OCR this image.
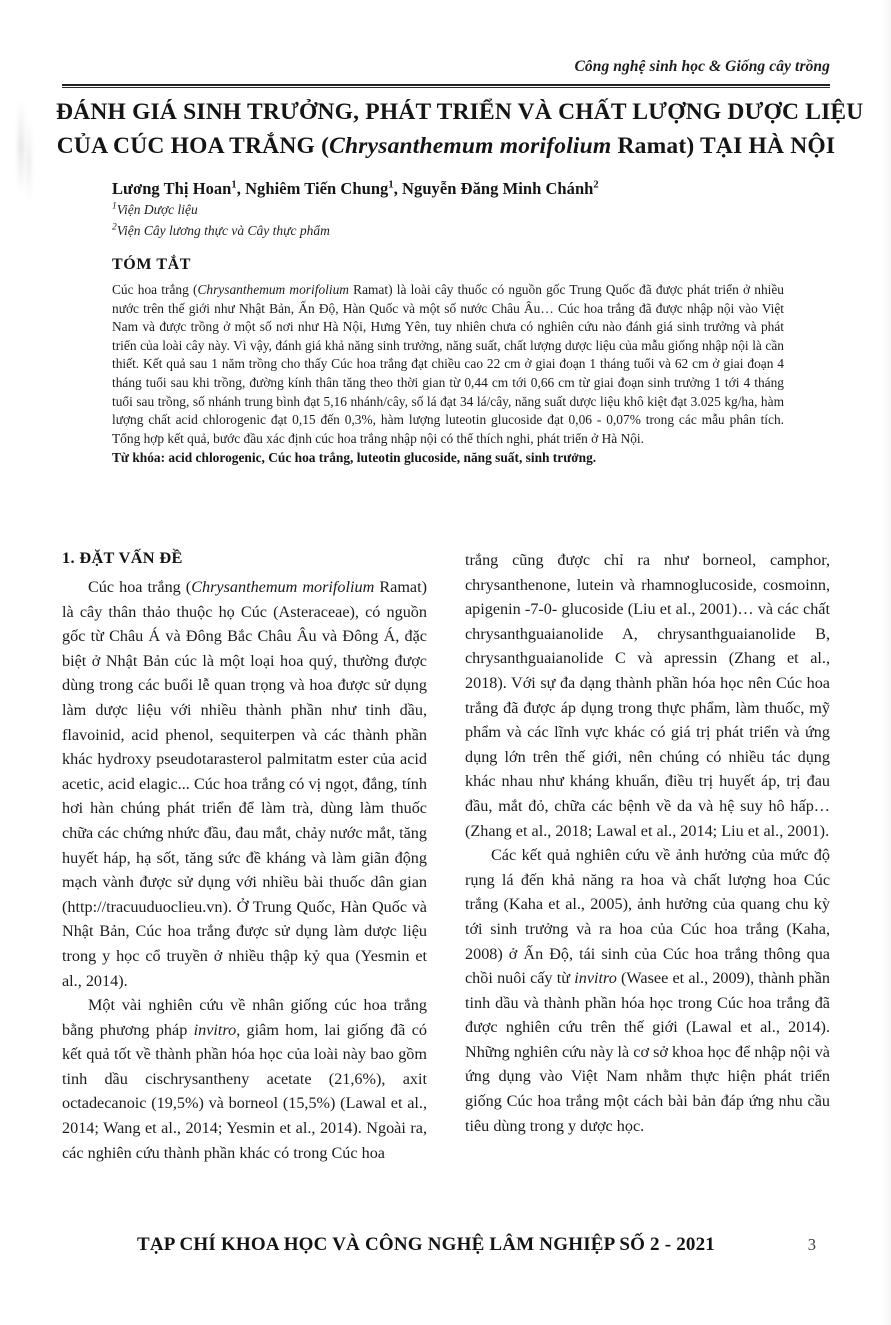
Công nghệ sinh học & Giống cây trồng
ĐÁNH GIÁ SINH TRƯỞNG, PHÁT TRIỂN VÀ CHẤT LƯỢNG DƯỢC LIỆU
CỦA CÚC HOA TRẮNG (Chrysanthemum morifolium Ramat) TẠI HÀ NỘI
Lương Thị Hoan$^1$, Nghiêm Tiến Chung$^1$, Nguyễn Đăng Minh Chánh$^2$
$^1$Viện Dược liệu
$^2$Viện Cây lương thực và Cây thực phẩm
TÓM TẮT
Cúc hoa trắng (Chrysanthemum morifolium Ramat) là loài cây thuốc có nguồn gốc Trung Quốc đã được phát triển ở nhiều nước trên thế giới như Nhật Bản, Ấn Độ, Hàn Quốc và một số nước Châu Âu… Cúc hoa trắng đã được nhập nội vào Việt Nam và được trồng ở một số nơi như Hà Nội, Hưng Yên, tuy nhiên chưa có nghiên cứu nào đánh giá sinh trưởng và phát triển của loài cây này. Vì vậy, đánh giá khả năng sinh trưởng, năng suất, chất lượng dược liệu của mẫu giống nhập nội là cần thiết. Kết quả sau 1 năm trồng cho thấy Cúc hoa trắng đạt chiều cao 22 cm ở giai đoạn 1 tháng tuổi và 62 cm ở giai đoạn 4 tháng tuổi sau khi trồng, đường kính thân tăng theo thời gian từ 0,44 cm tới 0,66 cm từ giai đoạn sinh trưởng 1 tới 4 tháng tuổi sau trồng, số nhánh trung bình đạt 5,16 nhánh/cây, số lá đạt 34 lá/cây, năng suất dược liệu khô kiệt đạt 3.025 kg/ha, hàm lượng chất acid chlorogenic đạt 0,15 đến 0,3%, hàm lượng luteotin glucoside đạt 0,06 - 0,07% trong các mẫu phân tích. Tổng hợp kết quả, bước đầu xác định cúc hoa trắng nhập nội có thể thích nghi, phát triển ở Hà Nội.
Từ khóa: acid chlorogenic, Cúc hoa trắng, luteotin glucoside, năng suất, sinh trưởng.
1. ĐẶT VẤN ĐỀ

Cúc hoa trắng (Chrysanthemum morifolium Ramat) là cây thân thảo thuộc họ Cúc (Asteraceae), có nguồn gốc từ Châu Á và Đông Bắc Châu Âu và Đông Á, đặc biệt ở Nhật Bản cúc là một loại hoa quý, thường được dùng trong các buổi lễ quan trọng và hoa được sử dụng làm dược liệu với nhiều thành phần như tinh dầu, flavoinid, acid phenol, sequiterpen và các thành phần khác hydroxy pseudotarasterol palmitatm ester của acid acetic, acid elagic... Cúc hoa trắng có vị ngọt, đắng, tính hơi hàn chúng phát triển để làm trà, dùng làm thuốc chữa các chứng nhức đầu, đau mắt, chảy nước mắt, tăng huyết háp, hạ sốt, tăng sức đề kháng và làm giãn động mạch vành được sử dụng với nhiều bài thuốc dân gian (http://tracuuduoclieu.vn). Ở Trung Quốc, Hàn Quốc và Nhật Bản, Cúc hoa trắng được sử dụng làm dược liệu trong y học cổ truyền ở nhiều thập kỷ qua (Yesmin et al., 2014).

Một vài nghiên cứu về nhân giống cúc hoa trắng bằng phương pháp invitro, giâm hom, lai giống đã có kết quả tốt về thành phần hóa học của loài này bao gồm tinh dầu cischrysantheny acetate (21,6%), axit octadecanoic (19,5%) và borneol (15,5%) (Lawal et al., 2014; Wang et al., 2014; Yesmin et al., 2014). Ngoài ra, các nghiên cứu thành phần khác có trong Cúc hoa

trắng cũng được chỉ ra như borneol, camphor, chrysanthenone, lutein và rhamnoglucoside, cosmoinn, apigenin -7-0- glucoside (Liu et al., 2001)… và các chất chrysanthguaianolide A, chrysanthguaianolide B, chrysanthguaianolide C và apressin (Zhang et al., 2018). Với sự đa dạng thành phần hóa học nên Cúc hoa trắng đã được áp dụng trong thực phẩm, làm thuốc, mỹ phẩm và các lĩnh vực khác có giá trị phát triển và ứng dụng lớn trên thế giới, nên chúng có nhiều tác dụng khác nhau như kháng khuẩn, điều trị huyết áp, trị đau đầu, mắt đỏ, chữa các bệnh về da và hệ suy hô hấp… (Zhang et al., 2018; Lawal et al., 2014; Liu et al., 2001).

Các kết quả nghiên cứu về ảnh hưởng của mức độ rụng lá đến khả năng ra hoa và chất lượng hoa Cúc trắng (Kaha et al., 2005), ảnh hưởng của quang chu kỳ tới sinh trưởng và ra hoa của Cúc hoa trắng (Kaha, 2008) ở Ấn Độ, tái sinh của Cúc hoa trắng thông qua chồi nuôi cấy từ invitro (Wasee et al., 2009), thành phần tinh dầu và thành phần hóa học trong Cúc hoa trắng đã được nghiên cứu trên thế giới (Lawal et al., 2014). Những nghiên cứu này là cơ sở khoa học để nhập nội và ứng dụng vào Việt Nam nhằm thực hiện phát triển giống Cúc hoa trắng một cách bài bản đáp ứng nhu cầu tiêu dùng trong y dược học.

TẠP CHÍ KHOA HỌC VÀ CÔNG NGHỆ LÂM NGHIỆP SỐ 2 - 2021	3
